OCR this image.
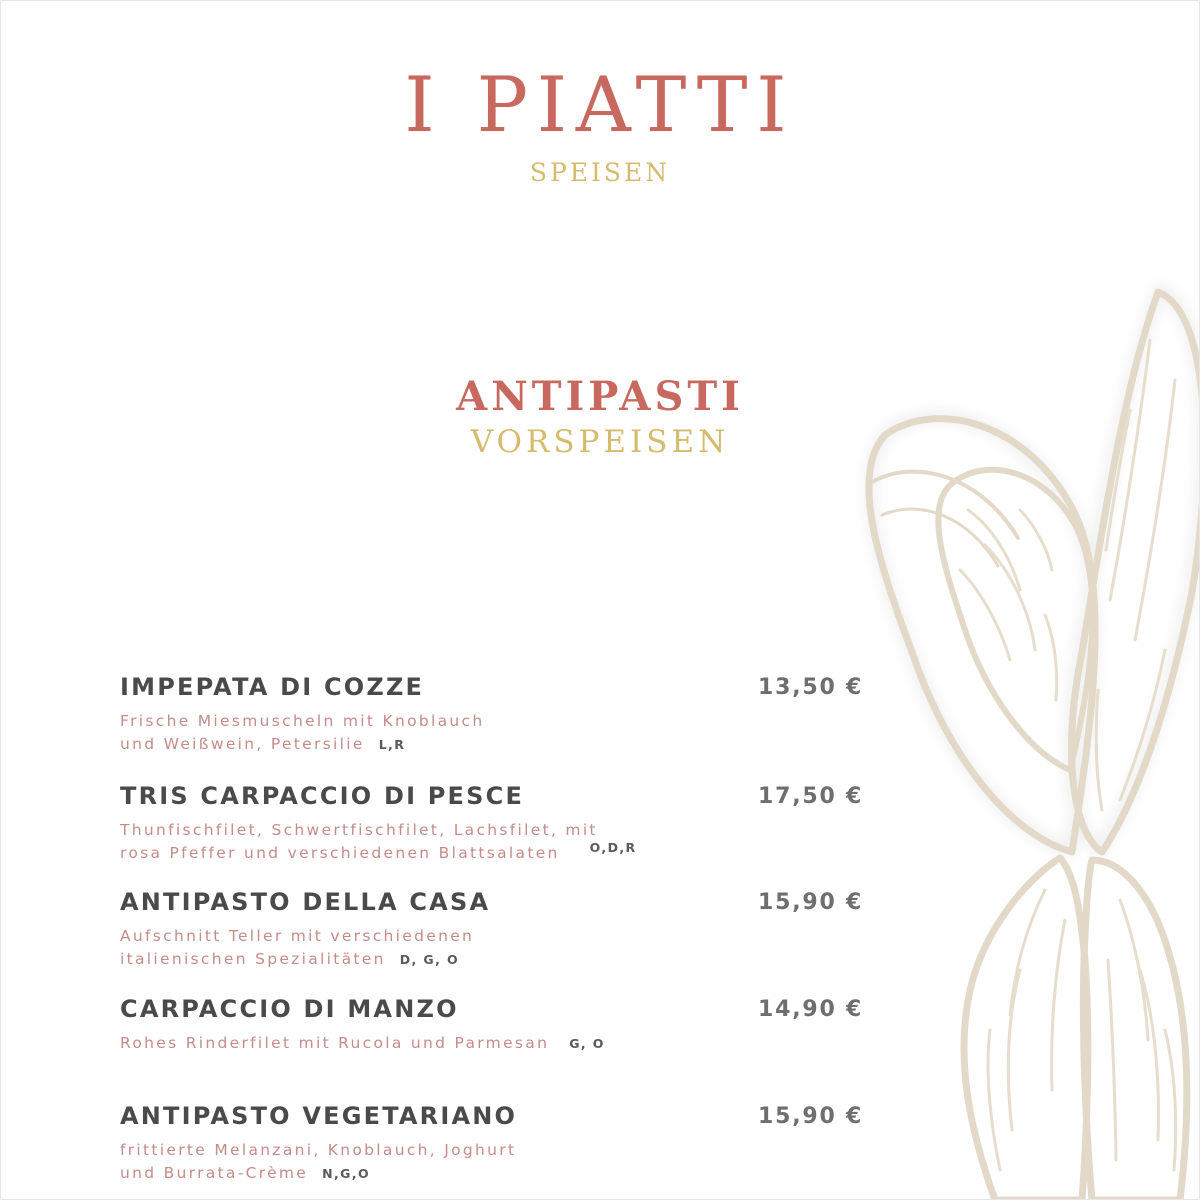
I PIATTI
SPEISEN
ANTIPASTI
VORSPEISEN
IMPEPATA DI COZZE	13,50 €
Frische Miesmuscheln mit Knoblauch
und Weißwein, Petersilie L,R
TRIS CARPACCIO DI PESCE	17,50 €
Thunfischfilet, Schwertfischfilet, Lachsfilet, mit
rosa Pfeffer und verschiedenen Blattsalaten $^{O,D,R}$
ANTIPASTO DELLA CASA	15,90 €
Aufschnitt Teller mit verschiedenen
italienischen Spezialitäten D, G, O
CARPACCIO DI MANZO	14,90 €
Rohes Rinderfilet mit Rucola und Parmesan G, O
ANTIPASTO VEGETARIANO	15,90 €
frittierte Melanzani, Knoblauch, Joghurt
und Burrata-Crème N,G,O
